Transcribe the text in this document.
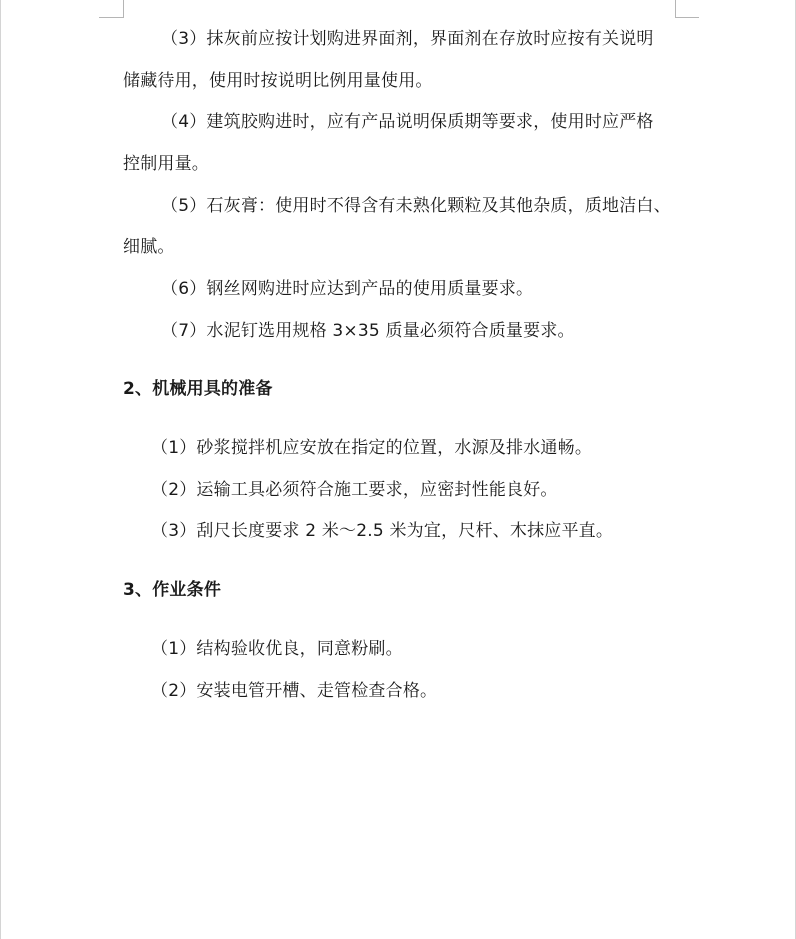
（3）抹灰前应按计划购进界面剂，界面剂在存放时应按有关说明
储藏待用，使用时按说明比例用量使用。
（4）建筑胶购进时，应有产品说明保质期等要求，使用时应严格
控制用量。
（5）石灰膏：使用时不得含有未熟化颗粒及其他杂质，质地洁白、
细腻。
（6）钢丝网购进时应达到产品的使用质量要求。
（7）水泥钉选用规格 3×35 质量必须符合质量要求。
2、机械用具的准备
（1）砂浆搅拌机应安放在指定的位置，水源及排水通畅。
（2）运输工具必须符合施工要求，应密封性能良好。
（3）刮尺长度要求 2 米～2.5 米为宜，尺杆、木抹应平直。
3、作业条件
（1）结构验收优良，同意粉刷。
（2）安装电管开槽、走管检查合格。
